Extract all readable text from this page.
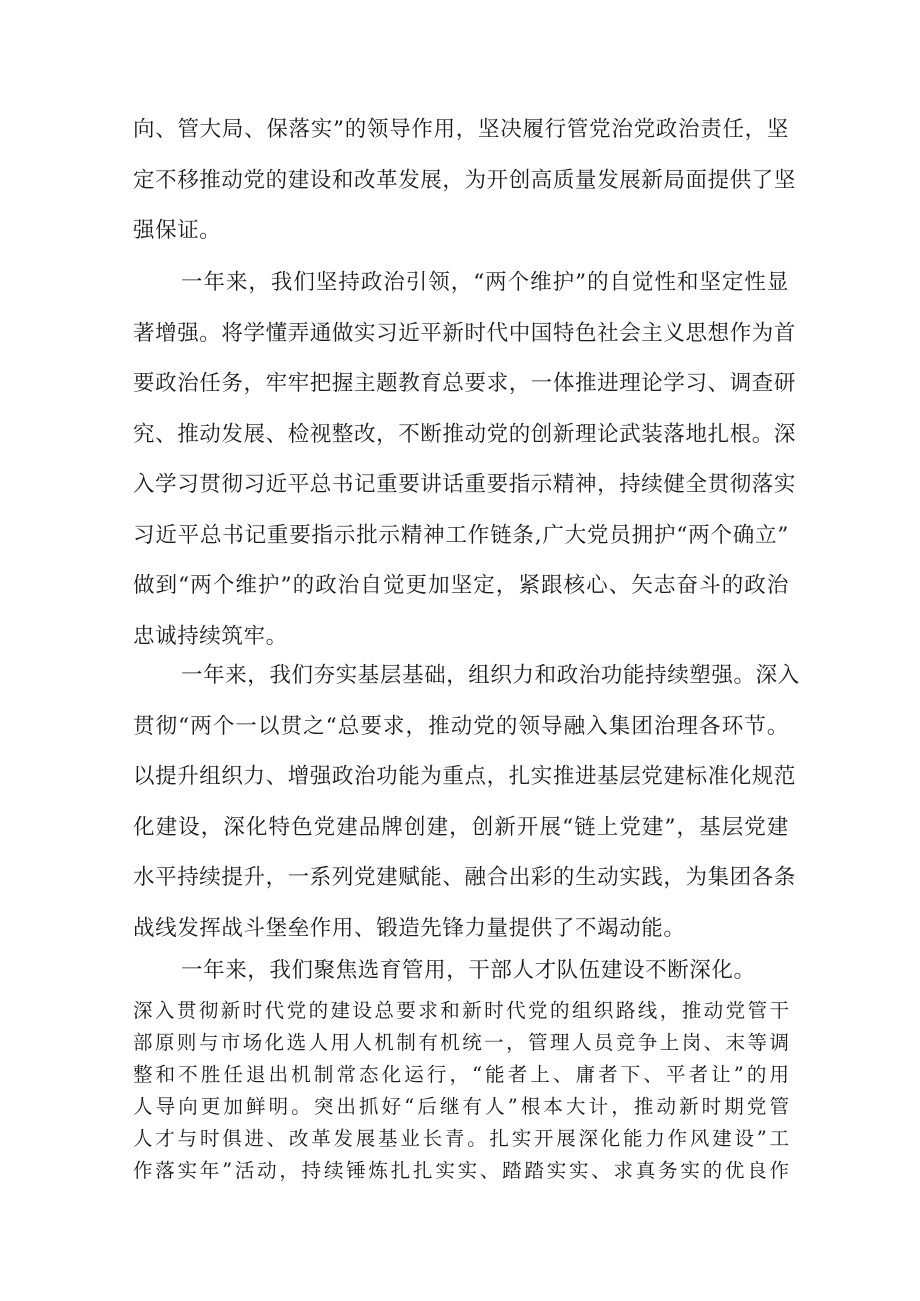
向、管大局、保落实”的领导作用，坚决履行管党治党政治责任，坚
定不移推动党的建设和改革发展，为开创高质量发展新局面提供了坚
强保证。
一年来，我们坚持政治引领，“两个维护”的自觉性和坚定性显
著增强。将学懂弄通做实习近平新时代中国特色社会主义思想作为首
要政治任务，牢牢把握主题教育总要求，一体推进理论学习、调查研
究、推动发展、检视整改，不断推动党的创新理论武装落地扎根。深
入学习贯彻习近平总书记重要讲话重要指示精神，持续健全贯彻落实
习近平总书记重要指示批示精神工作链条,广大党员拥护“两个确立”
做到“两个维护”的政治自觉更加坚定，紧跟核心、矢志奋斗的政治
忠诚持续筑牢。
一年来，我们夯实基层基础，组织力和政治功能持续塑强。深入
贯彻“两个一以贯之“总要求，推动党的领导融入集团治理各环节。
以提升组织力、增强政治功能为重点，扎实推进基层党建标准化规范
化建设，深化特色党建品牌创建，创新开展“链上党建”，基层党建
水平持续提升，一系列党建赋能、融合出彩的生动实践，为集团各条
战线发挥战斗堡垒作用、锻造先锋力量提供了不竭动能。
一年来，我们聚焦选育管用，干部人才队伍建设不断深化。
深入贯彻新时代党的建设总要求和新时代党的组织路线，推动党管干
部原则与市场化选人用人机制有机统一，管理人员竞争上岗、末等调
整和不胜任退出机制常态化运行，“能者上、庸者下、平者让”的用
人导向更加鲜明。突出抓好“后继有人”根本大计，推动新时期党管
人才与时俱进、改革发展基业长青。扎实开展深化能力作风建设”工
作落实年”活动，持续锤炼扎扎实实、踏踏实实、求真务实的优良作
